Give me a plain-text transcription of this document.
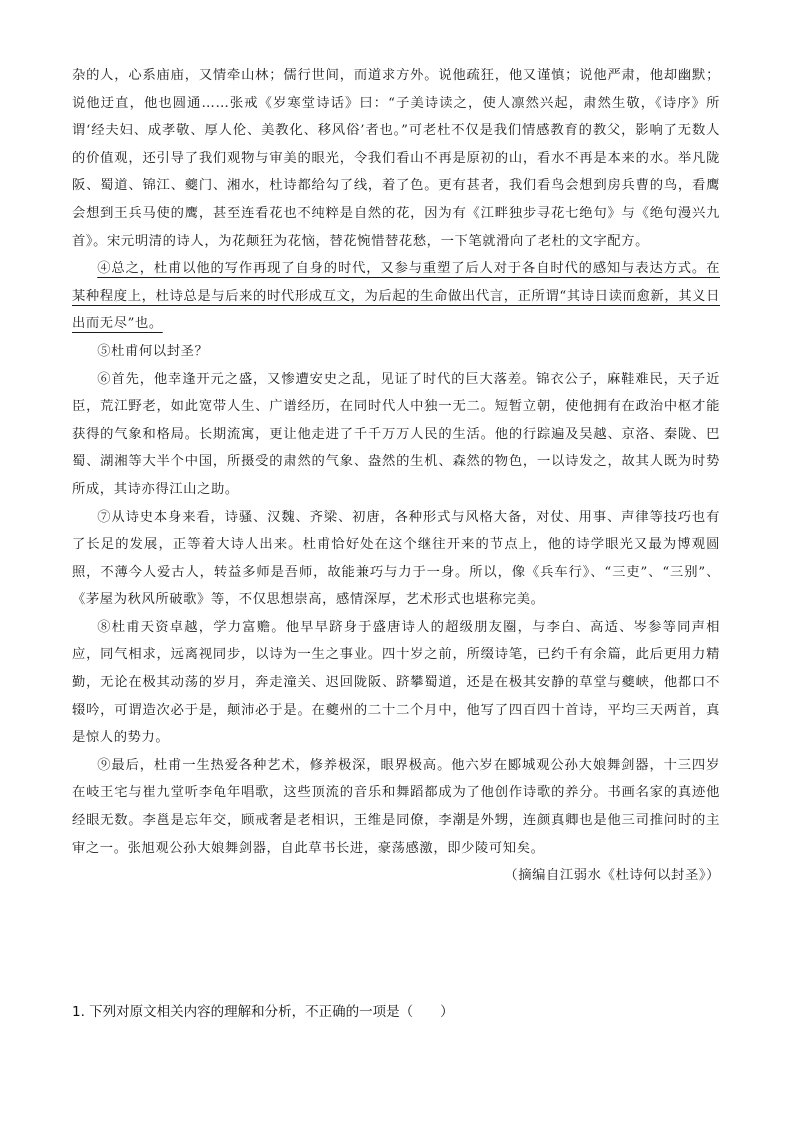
杂的人，心系庙庙，又情牵山林；儒行世间，而道求方外。说他疏狂，他又谨慎；说他严肃，他却幽默；说他迂直，他也圆通……张戒《岁寒堂诗话》曰：“子美诗读之，使人凛然兴起，肃然生敬，《诗序》所谓‘经夫妇、成孝敬、厚人伦、美教化、移风俗’者也。”可老杜不仅是我们情感教育的教父，影响了无数人的价值观，还引导了我们观物与审美的眼光，令我们看山不再是原初的山，看水不再是本来的水。举凡陇阪、蜀道、锦江、夔门、湘水，杜诗都给勾了线，着了色。更有甚者，我们看鸟会想到房兵曹的鸟，看鹰会想到王兵马使的鹰，甚至连看花也不纯粹是自然的花，因为有《江畔独步寻花七绝句》与《绝句漫兴九首》。宋元明清的诗人，为花颠狂为花恼，替花惋惜替花愁，一下笔就滑向了老杜的文字配方。

④总之，杜甫以他的写作再现了自身的时代，又参与重塑了后人对于各自时代的感知与表达方式。在某种程度上，杜诗总是与后来的时代形成互文，为后起的生命做出代言，正所谓“其诗日读而愈新，其义日出而无尽”也。

⑤杜甫何以封圣？

⑥首先，他幸逢开元之盛，又惨遭安史之乱，见证了时代的巨大落差。锦衣公子，麻鞋难民，天子近臣，荒江野老，如此宽带人生、广谱经历，在同时代人中独一无二。短暂立朝，使他拥有在政治中枢才能获得的气象和格局。长期流寓，更让他走进了千千万万人民的生活。他的行踪遍及吴越、京洛、秦陇、巴蜀、湖湘等大半个中国，所摄受的肃然的气象、盎然的生机、森然的物色，一以诗发之，故其人既为时势所成，其诗亦得江山之助。

⑦从诗史本身来看，诗骚、汉魏、齐梁、初唐，各种形式与风格大备，对仗、用事、声律等技巧也有了长足的发展，正等着大诗人出来。杜甫恰好处在这个继往开来的节点上，他的诗学眼光又最为博观圆照，不薄今人爱古人，转益多师是吾师，故能兼巧与力于一身。所以，像《兵车行》、“三吏”、“三别”、《茅屋为秋风所破歌》等，不仅思想崇高，感情深厚，艺术形式也堪称完美。

⑧杜甫天资卓越，学力富赡。他早早跻身于盛唐诗人的超级朋友圈，与李白、高适、岑参等同声相应，同气相求，远离视同步，以诗为一生之事业。四十岁之前，所缀诗笔，已约千有余篇，此后更用力精勤，无论在极其动荡的岁月，奔走潼关、迟回陇阪、跻攀蜀道，还是在极其安静的草堂与夔峡，他都口不辍吟，可谓造次必于是，颠沛必于是。在夔州的二十二个月中，他写了四百四十首诗，平均三天两首，真是惊人的势力。

⑨最后，杜甫一生热爱各种艺术，修养极深，眼界极高。他六岁在郾城观公孙大娘舞剑器，十三四岁在岐王宅与崔九堂听李龟年唱歌，这些顶流的音乐和舞蹈都成为了他创作诗歌的养分。书画名家的真迹他经眼无数。李邕是忘年交，顾戒奢是老相识，王维是同僚，李潮是外甥，连颜真卿也是他三司推问时的主审之一。张旭观公孙大娘舞剑器，自此草书长进，豪荡感激，即少陵可知矣。

（摘编自江弱水《杜诗何以封圣》）

1. 下列对原文相关内容的理解和分析，不正确的一项是（　　）
